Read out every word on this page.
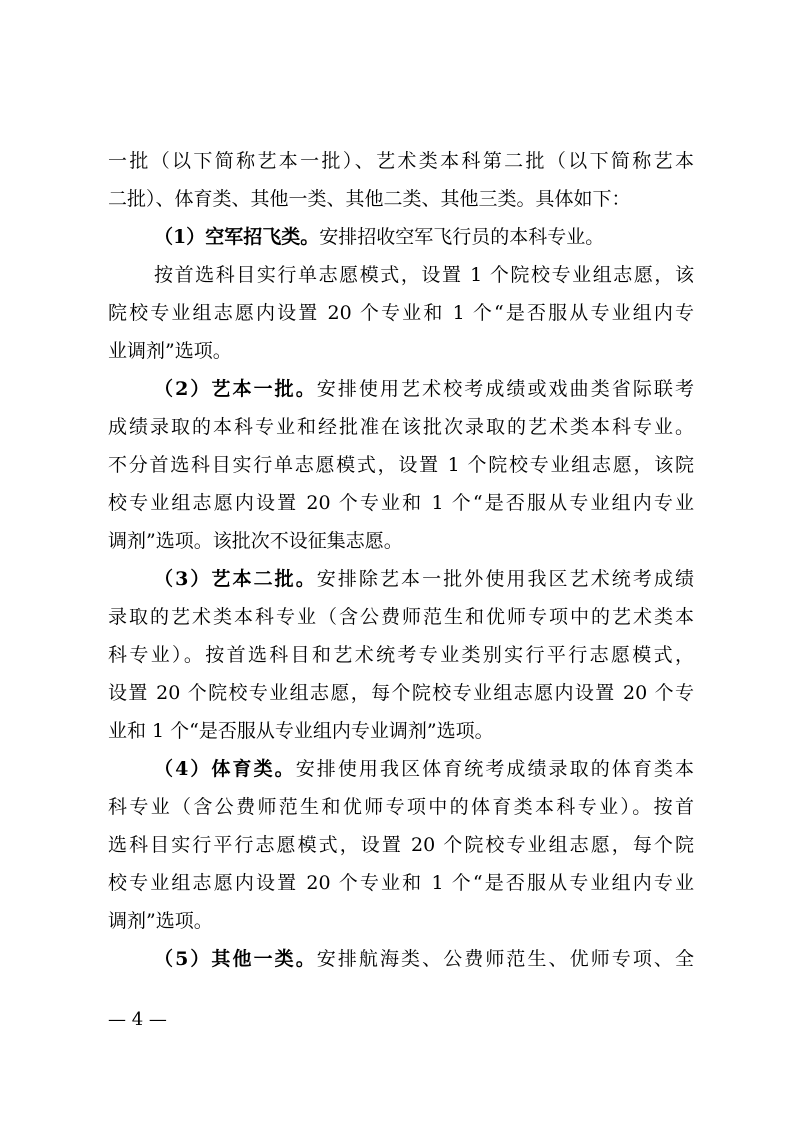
一批（以下简称艺本一批）、艺术类本科第二批（以下简称艺本
二批）、体育类、其他一类、其他二类、其他三类。具体如下：
（1）空军招飞类。安排招收空军飞行员的本科专业。
按首选科目实行单志愿模式，设置 1 个院校专业组志愿，该
院校专业组志愿内设置 20 个专业和 1 个“是否服从专业组内专
业调剂”选项。
（2）艺本一批。安排使用艺术校考成绩或戏曲类省际联考
成绩录取的本科专业和经批准在该批次录取的艺术类本科专业。
不分首选科目实行单志愿模式，设置 1 个院校专业组志愿，该院
校专业组志愿内设置 20 个专业和 1 个“是否服从专业组内专业
调剂”选项。该批次不设征集志愿。
（3）艺本二批。安排除艺本一批外使用我区艺术统考成绩
录取的艺术类本科专业（含公费师范生和优师专项中的艺术类本
科专业）。按首选科目和艺术统考专业类别实行平行志愿模式，
设置 20 个院校专业组志愿，每个院校专业组志愿内设置 20 个专
业和 1 个“是否服从专业组内专业调剂”选项。
（4）体育类。安排使用我区体育统考成绩录取的体育类本
科专业（含公费师范生和优师专项中的体育类本科专业）。按首
选科目实行平行志愿模式，设置 20 个院校专业组志愿，每个院
校专业组志愿内设置 20 个专业和 1 个“是否服从专业组内专业
调剂”选项。
（5）其他一类。安排航海类、公费师范生、优师专项、全
— 4 —
